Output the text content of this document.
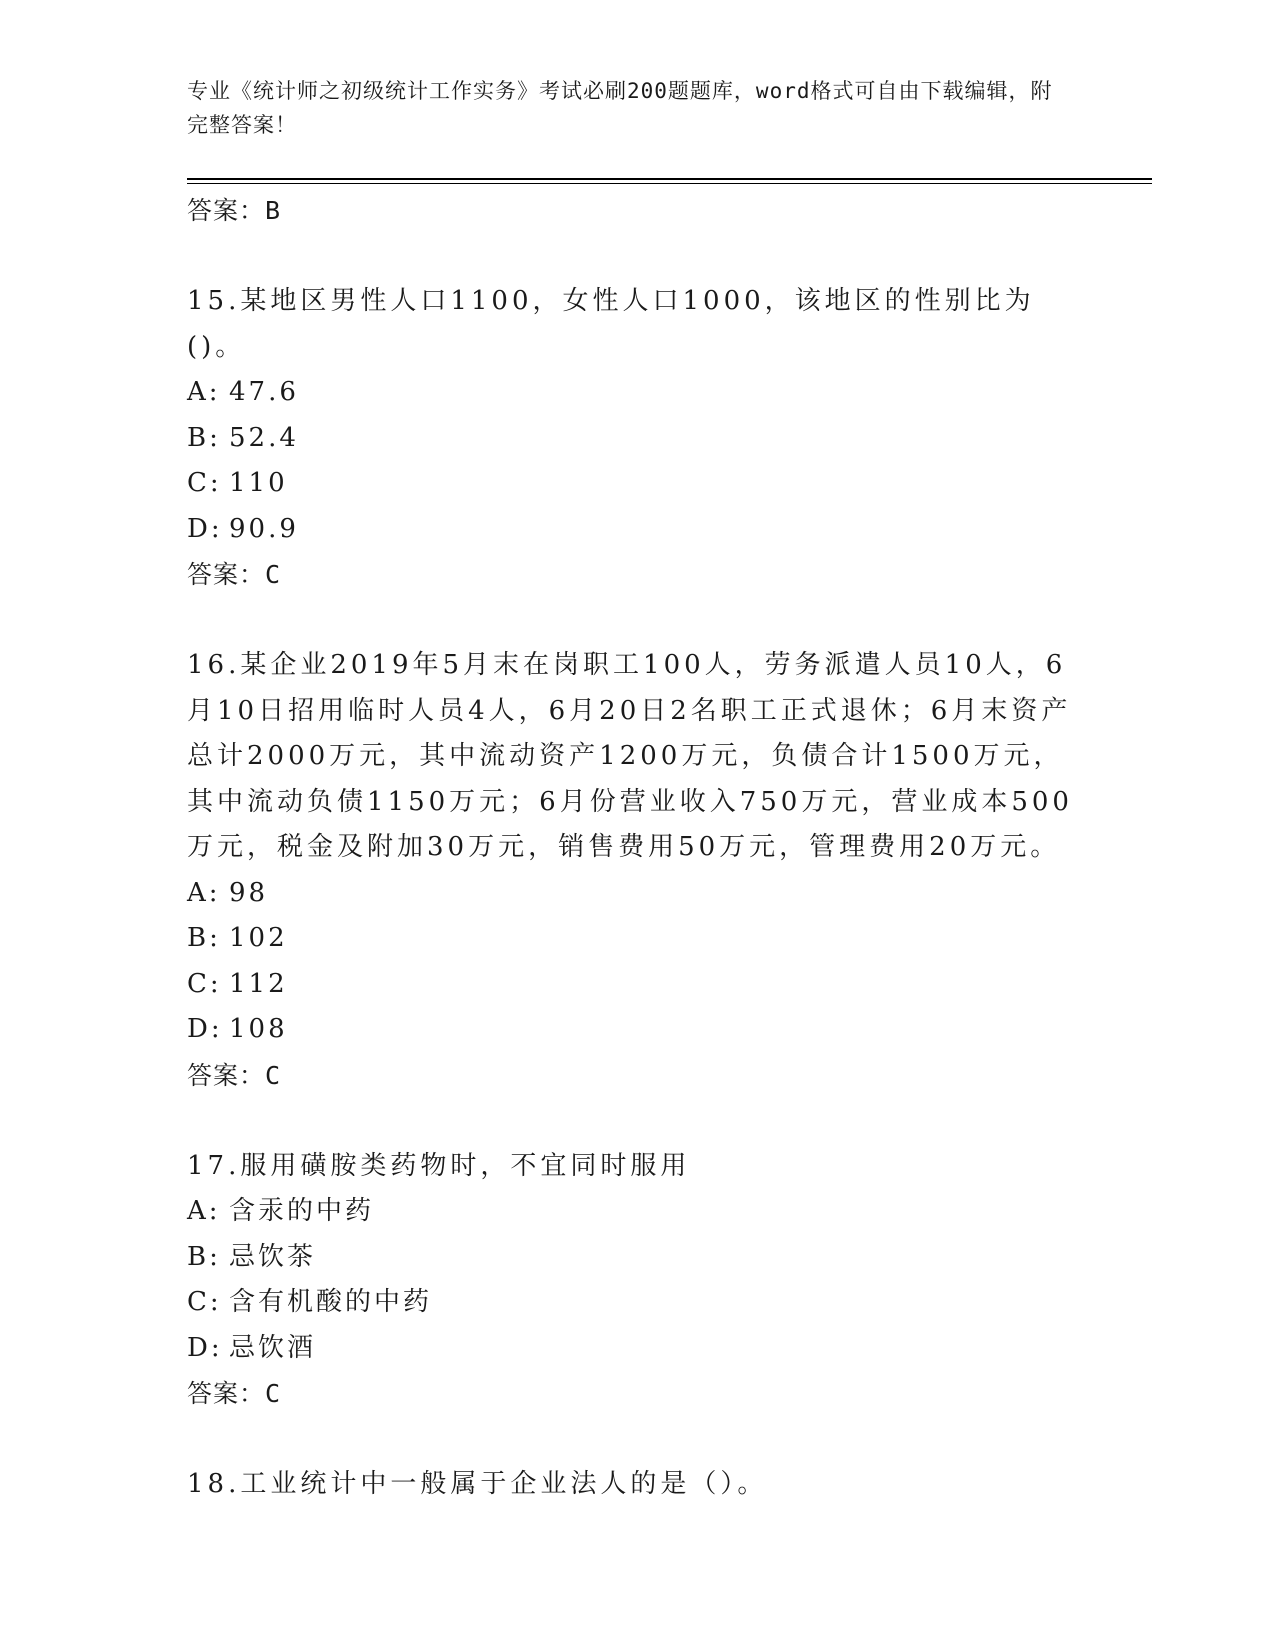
专业《统计师之初级统计工作实务》考试必刷200题题库，word格式可自由下载编辑，附完整答案！
答案：B
15.某地区男性人口1100，女性人口1000，该地区的性别比为()。
A: 47.6
B: 52.4
C: 110
D: 90.9
答案：C
16.某企业2019年5月末在岗职工100人，劳务派遣人员10人，6月10日招用临时人员4人，6月20日2名职工正式退休；6月末资产总计2000万元，其中流动资产1200万元，负债合计1500万元，其中流动负债1150万元；6月份营业收入750万元，营业成本500万元，税金及附加30万元，销售费用50万元，管理费用20万元。
A: 98
B: 102
C: 112
D: 108
答案：C
17.服用磺胺类药物时，不宜同时服用
A: 含汞的中药
B: 忌饮茶
C: 含有机酸的中药
D: 忌饮酒
答案：C
18.工业统计中一般属于企业法人的是（）。
